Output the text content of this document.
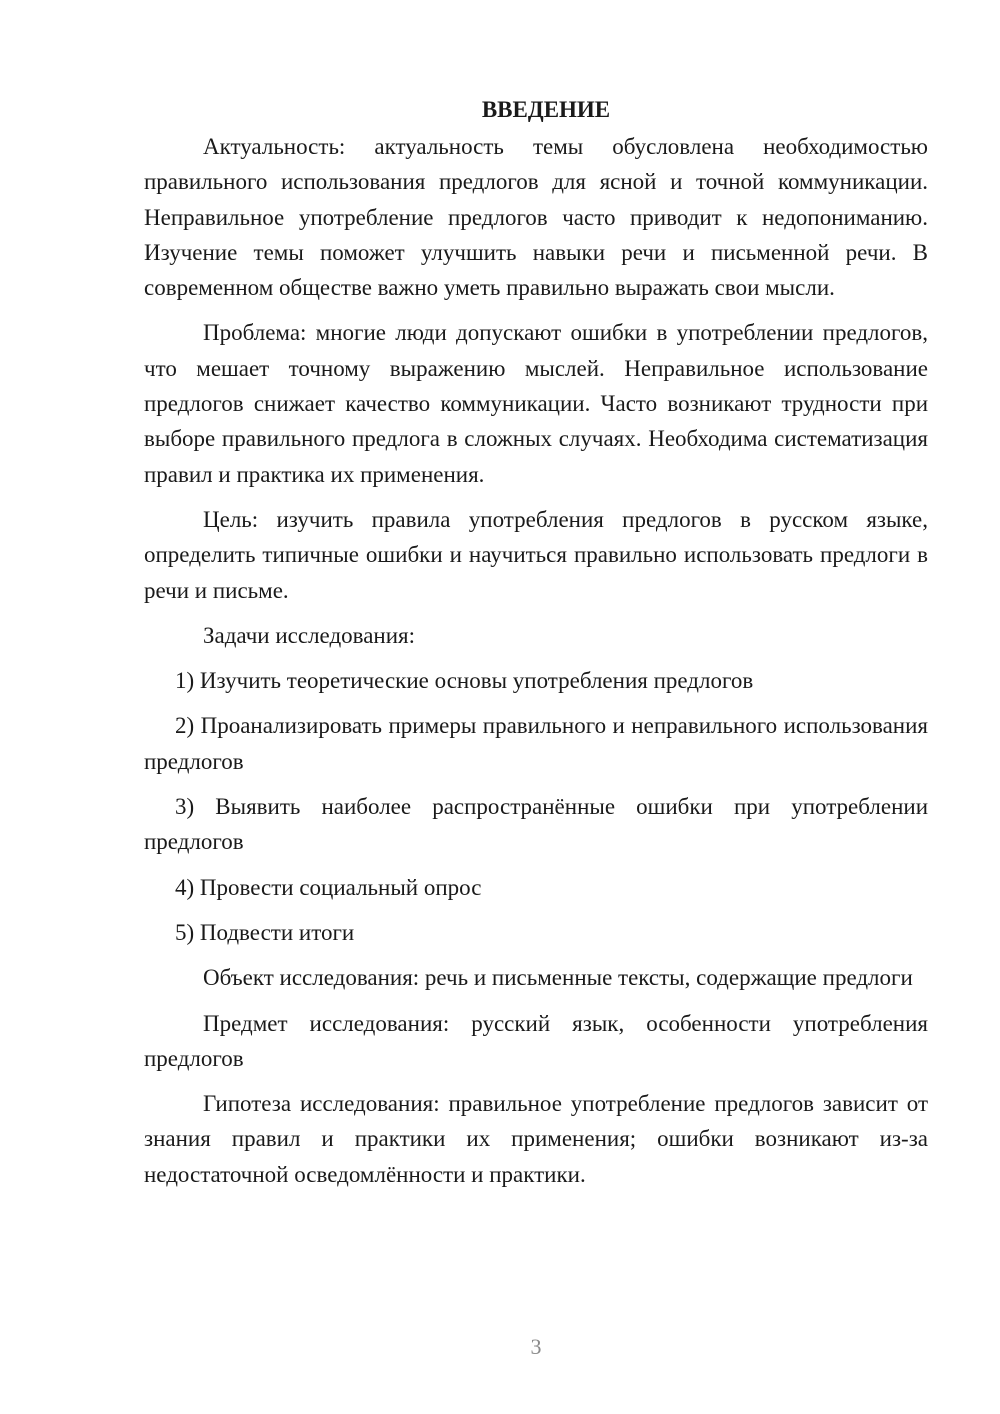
ВВЕДЕНИЕ

Актуальность: актуальность темы обусловлена необходимостью правильного использования предлогов для ясной и точной коммуникации. Неправильное употребление предлогов часто приводит к недопониманию. Изучение темы поможет улучшить навыки речи и письменной речи. В современном обществе важно уметь правильно выражать свои мысли.

Проблема: многие люди допускают ошибки в употреблении предлогов, что мешает точному выражению мыслей. Неправильное использование предлогов снижает качество коммуникации. Часто возникают трудности при выборе правильного предлога в сложных случаях. Необходима систематизация правил и практика их применения.

Цель: изучить правила употребления предлогов в русском языке, определить типичные ошибки и научиться правильно использовать предлоги в речи и письме.

Задачи исследования:

1) Изучить теоретические основы употребления предлогов

2) Проанализировать примеры правильного и неправильного использования предлогов

3) Выявить наиболее распространённые ошибки при употреблении предлогов

4) Провести социальный опрос

5) Подвести итоги

Объект исследования: речь и письменные тексты, содержащие предлоги

Предмет исследования: русский язык, особенности употребления предлогов

Гипотеза исследования: правильное употребление предлогов зависит от знания правил и практики их применения; ошибки возникают из-за недостаточной осведомлённости и практики.

3
